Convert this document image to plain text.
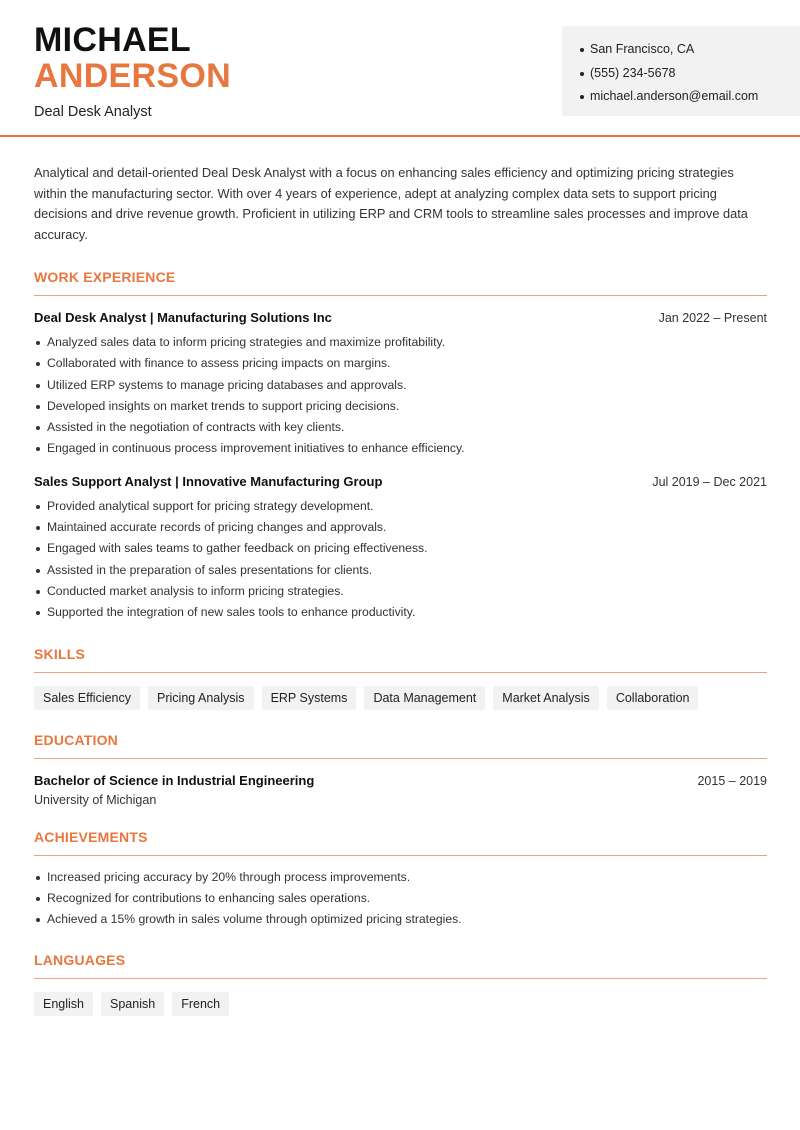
MICHAEL
ANDERSON
Deal Desk Analyst
San Francisco, CA
(555) 234-5678
michael.anderson@email.com

Analytical and detail-oriented Deal Desk Analyst with a focus on enhancing sales efficiency and optimizing pricing strategies within the manufacturing sector. With over 4 years of experience, adept at analyzing complex data sets to support pricing decisions and drive revenue growth. Proficient in utilizing ERP and CRM tools to streamline sales processes and improve data accuracy.

WORK EXPERIENCE
Deal Desk Analyst | Manufacturing Solutions Inc	Jan 2022 – Present
Analyzed sales data to inform pricing strategies and maximize profitability.
Collaborated with finance to assess pricing impacts on margins.
Utilized ERP systems to manage pricing databases and approvals.
Developed insights on market trends to support pricing decisions.
Assisted in the negotiation of contracts with key clients.
Engaged in continuous process improvement initiatives to enhance efficiency.
Sales Support Analyst | Innovative Manufacturing Group	Jul 2019 – Dec 2021
Provided analytical support for pricing strategy development.
Maintained accurate records of pricing changes and approvals.
Engaged with sales teams to gather feedback on pricing effectiveness.
Assisted in the preparation of sales presentations for clients.
Conducted market analysis to inform pricing strategies.
Supported the integration of new sales tools to enhance productivity.
SKILLS
Sales Efficiency	Pricing Analysis	ERP Systems	Data Management	Market Analysis	Collaboration
EDUCATION
Bachelor of Science in Industrial Engineering	2015 – 2019
University of Michigan
ACHIEVEMENTS
Increased pricing accuracy by 20% through process improvements.
Recognized for contributions to enhancing sales operations.
Achieved a 15% growth in sales volume through optimized pricing strategies.
LANGUAGES
English	Spanish	French
